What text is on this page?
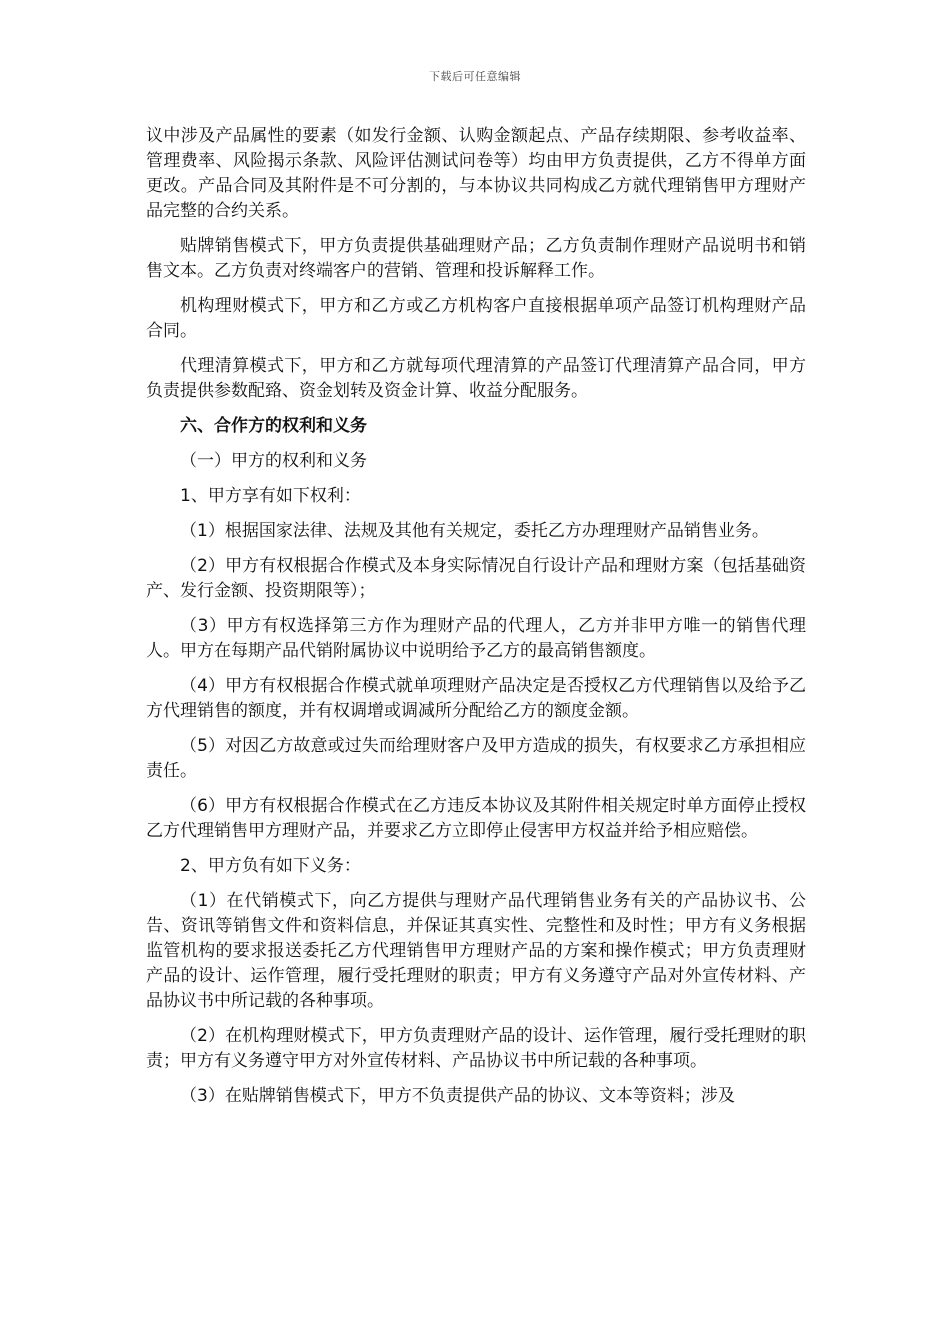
下载后可任意编辑

议中涉及产品属性的要素（如发行金额、认购金额起点、产品存续期限、参考收益率、管理费率、风险揭示条款、风险评估测试问卷等）均由甲方负责提供，乙方不得单方面更改。产品合同及其附件是不可分割的，与本协议共同构成乙方就代理销售甲方理财产品完整的合约关系。

贴牌销售模式下，甲方负责提供基础理财产品；乙方负责制作理财产品说明书和销售文本。乙方负责对终端客户的营销、管理和投诉解释工作。

机构理财模式下，甲方和乙方或乙方机构客户直接根据单项产品签订机构理财产品合同。

代理清算模式下，甲方和乙方就每项代理清算的产品签订代理清算产品合同，甲方负责提供参数配臵、资金划转及资金计算、收益分配服务。

六、合作方的权利和义务

（一）甲方的权利和义务

1、甲方享有如下权利：

（1）根据国家法律、法规及其他有关规定，委托乙方办理理财产品销售业务。

（2）甲方有权根据合作模式及本身实际情况自行设计产品和理财方案（包括基础资产、发行金额、投资期限等）；

（3）甲方有权选择第三方作为理财产品的代理人，乙方并非甲方唯一的销售代理人。甲方在每期产品代销附属协议中说明给予乙方的最高销售额度。

（4）甲方有权根据合作模式就单项理财产品决定是否授权乙方代理销售以及给予乙方代理销售的额度，并有权调增或调减所分配给乙方的额度金额。

（5）对因乙方故意或过失而给理财客户及甲方造成的损失，有权要求乙方承担相应责任。

（6）甲方有权根据合作模式在乙方违反本协议及其附件相关规定时单方面停止授权乙方代理销售甲方理财产品，并要求乙方立即停止侵害甲方权益并给予相应赔偿。

2、甲方负有如下义务：

（1）在代销模式下，向乙方提供与理财产品代理销售业务有关的产品协议书、公告、资讯等销售文件和资料信息，并保证其真实性、完整性和及时性；甲方有义务根据监管机构的要求报送委托乙方代理销售甲方理财产品的方案和操作模式；甲方负责理财产品的设计、运作管理，履行受托理财的职责；甲方有义务遵守产品对外宣传材料、产品协议书中所记载的各种事项。

（2）在机构理财模式下，甲方负责理财产品的设计、运作管理，履行受托理财的职责；甲方有义务遵守甲方对外宣传材料、产品协议书中所记载的各种事项。

（3）在贴牌销售模式下，甲方不负责提供产品的协议、文本等资料；涉及
